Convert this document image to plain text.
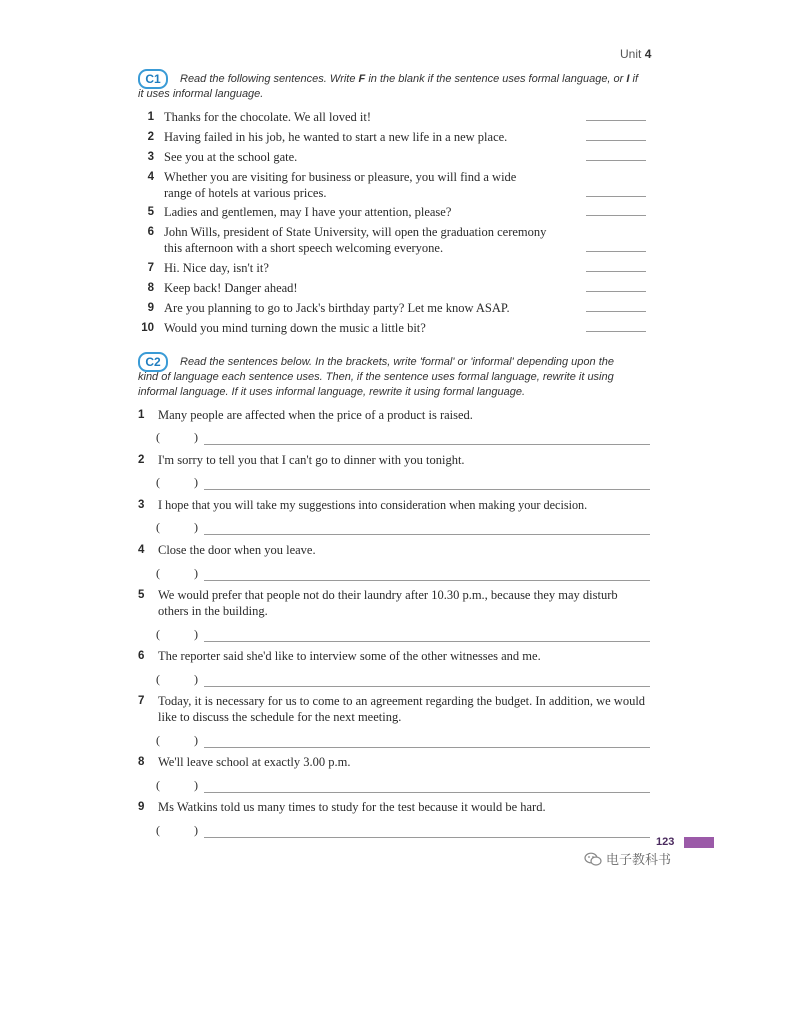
Unit 4
C1	Read the following sentences. Write F in the blank if the sentence uses formal language, or I if
it uses informal language.
1 Thanks for the chocolate. We all loved it!
2 Having failed in his job, he wanted to start a new life in a new place.
3 See you at the school gate.
4 Whether you are visiting for business or pleasure, you will find a wide range of hotels at various prices.
5 Ladies and gentlemen, may I have your attention, please?
6 John Wills, president of State University, will open the graduation ceremony this afternoon with a short speech welcoming everyone.
7 Hi. Nice day, isn't it?
8 Keep back! Danger ahead!
9 Are you planning to go to Jack's birthday party? Let me know ASAP.
10 Would you mind turning down the music a little bit?
C2	Read the sentences below. In the brackets, write 'formal' or 'informal' depending upon the
kind of language each sentence uses. Then, if the sentence uses formal language, rewrite it using
informal language. If it uses informal language, rewrite it using formal language.
1 Many people are affected when the price of a product is raised.
(	)
2 I'm sorry to tell you that I can't go to dinner with you tonight.
(	)
3 I hope that you will take my suggestions into consideration when making your decision.
(	)
4 Close the door when you leave.
(	)
5 We would prefer that people not do their laundry after 10.30 p.m., because they may disturb others in the building.
(	)
6 The reporter said she'd like to interview some of the other witnesses and me.
(	)
7 Today, it is necessary for us to come to an agreement regarding the budget. In addition, we would like to discuss the schedule for the next meeting.
(	)
8 We'll leave school at exactly 3.00 p.m.
(	)
9 Ms Watkins told us many times to study for the test because it would be hard.
(	)
123
电子教科书
